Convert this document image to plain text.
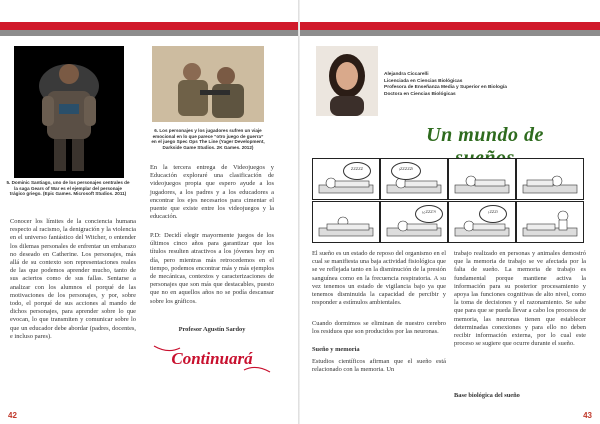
5. Dominic Santiago, uno de los personajes centrales de la saga Gears of War es el ejemplar del personaje trágico griego. (Epic Games. Microsoft Studios. 2011)
6. Los personajes y los jugadores sufren un viaje emocional en lo que parece “otro juego de guerra” en el juego Spec Ops The Line (Yager Development, Darkside Game Studios. 2K Games. 2012)
Conocer los límites de la conciencia humana respecto al racismo, la denigración y la violencia en el universo fantástico del Witcher, o entender los dilemas personales de enfrentar un embarazo no deseado en Catherine. Los personajes, más allá de su contexto son representaciones reales de las que podemos aprender mucho, tanto de sus aciertos como de sus fallas. Sentarse a analizar con los alumnos el porqué de las motivaciones de los personajes, y por, sobre todo, el porqué de sus acciones al mando de dichos personajes, para aprender sobre lo que evocan, lo que transmiten y comunicar sobre lo que un educador debe abordar (padres, docentes, e incluso pares).
En la tercera entrega de Videojuegos y Educación exploraré una clasificación de videojuegos propia que espero ayude a los jugadores, a los padres y a los educadores a encontrar los ejes necesarios para cimentar el puente que existe entre los videojuegos y la educación.
P.D: Decidí elegir mayormente juegos de los últimos cinco años para garantizar que los títulos resulten atractivos a los jóvenes hoy en día, pero mientras más retrocedemos en el tiempo, podemos encontrar más y más ejemplos de mecánicas, contextos y caracterizaciones de personajes que son más que destacables, puesto que no en aquellos años no se podía descansar sobre los gráficos.
Profesor Agustín Sardoy
Continuará
42
Alejandra Ciccarelli
Licenciada en Ciencias Biológicas
Profesora de Enseñanza Media y Superior en Biología
Doctora en Ciencias Biológicas
Un mundo de
ZZZZZ	¡ZZZZZ!
¡¿ZZZ?!	¡ZZZ!
El sueño es un estado de reposo del organismo en el cual se manifiesta una baja actividad fisiológica que se ve reflejada tanto en la disminución de la presión sanguínea como en la frecuencia respiratoria. A su vez tenemos un estado de vigilancia bajo ya que tenemos disminuida la capacidad de percibir y responder a estímulos ambientales.
Cuando dormimos se eliminan de nuestro cerebro los residuos que son producidos por las neuronas.
Sueño y memoria
Estudios científicos afirman que el sueño está relacionado con la memoria. Un
trabajo realizado en personas y animales demostró que la memoria de trabajo se ve afectada por la falta de sueño. La memoria de trabajo es fundamental porque mantiene activa la información para su posterior procesamiento y apoya las funciones cognitivas de alto nivel, como la toma de decisiones y el razonamiento. Se sabe que para que se pueda llevar a cabo los procesos de memoria, las neuronas tienen que establecer determinadas conexiones y para ello no deben recibir información externa, por lo cual este proceso se sugiere que ocurre durante el sueño.
Base biológica del sueño
43
